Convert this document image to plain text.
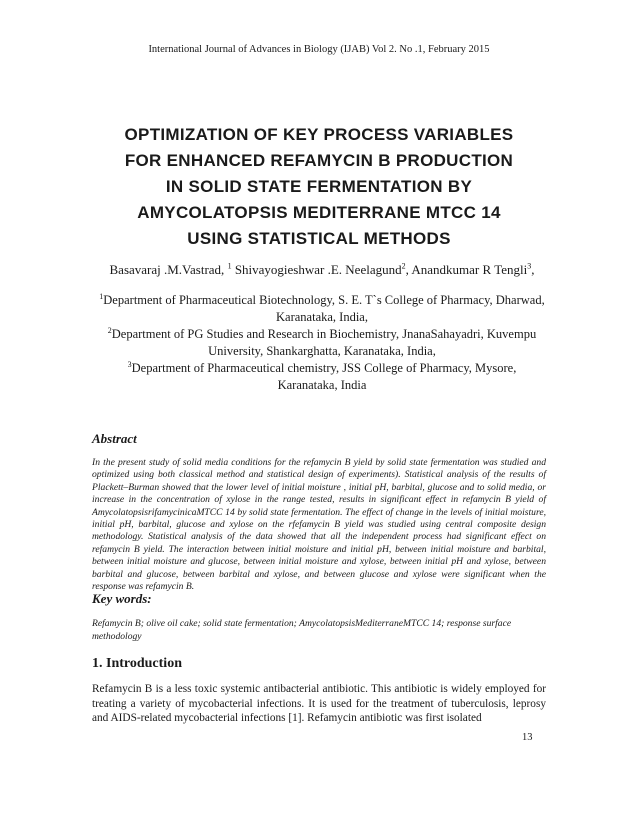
International Journal of Advances in Biology (IJAB) Vol 2. No .1, February 2015
OPTIMIZATION OF KEY PROCESS VARIABLES
FOR ENHANCED REFAMYCIN B PRODUCTION
IN SOLID STATE FERMENTATION BY
AMYCOLATOPSIS MEDITERRANE MTCC 14
USING STATISTICAL METHODS
Basavaraj .M.Vastrad, $^1$ Shivayogieshwar .E. Neelagund$^2$, Anandkumar R Tengli$^3$,
$^1$Department of Pharmaceutical Biotechnology, S. E. T`s College of Pharmacy, Dharwad,
Karanataka, India,
$^2$Department of PG Studies and Research in Biochemistry, JnanaSahayadri, Kuvempu
University, Shankarghatta, Karanataka, India,
$^3$Department of Pharmaceutical chemistry, JSS College of Pharmacy, Mysore,
Karanataka, India
Abstract
In the present study of solid media conditions for the refamycin B yield by solid state fermentation was studied and optimized using both classical method and statistical design of experiments). Statistical analysis of the results of Plackett–Burman showed that the lower level of initial moisture , initial pH, barbital, glucose and to solid media, or increase in the concentration of xylose in the range tested, results in significant effect in refamycin B yield of AmycolatopsisrifamycinicaMTCC 14 by solid state fermentation. The effect of change in the levels of initial moisture, initial pH, barbital, glucose and xylose on the rfefamycin B yield was studied using central composite design methodology. Statistical analysis of the data showed that all the independent process had significant effect on refamycin B yield. The interaction between initial moisture and initial pH, between initial moisture and barbital, between initial moisture and glucose, between initial moisture and xylose, between initial pH and xylose, between barbital and glucose, between barbital and xylose, and between glucose and xylose were significant when the response was refamycin B.
Key words:
Refamycin B; olive oil cake; solid state fermentation; AmycolatopsisMediterraneMTCC 14; response surface methodology
1. Introduction
Refamycin B is a less toxic systemic antibacterial antibiotic. This antibiotic is widely employed for treating a variety of mycobacterial infections. It is used for the treatment of tuberculosis, leprosy and AIDS-related mycobacterial infections [1]. Refamycin antibiotic was first isolated
13
